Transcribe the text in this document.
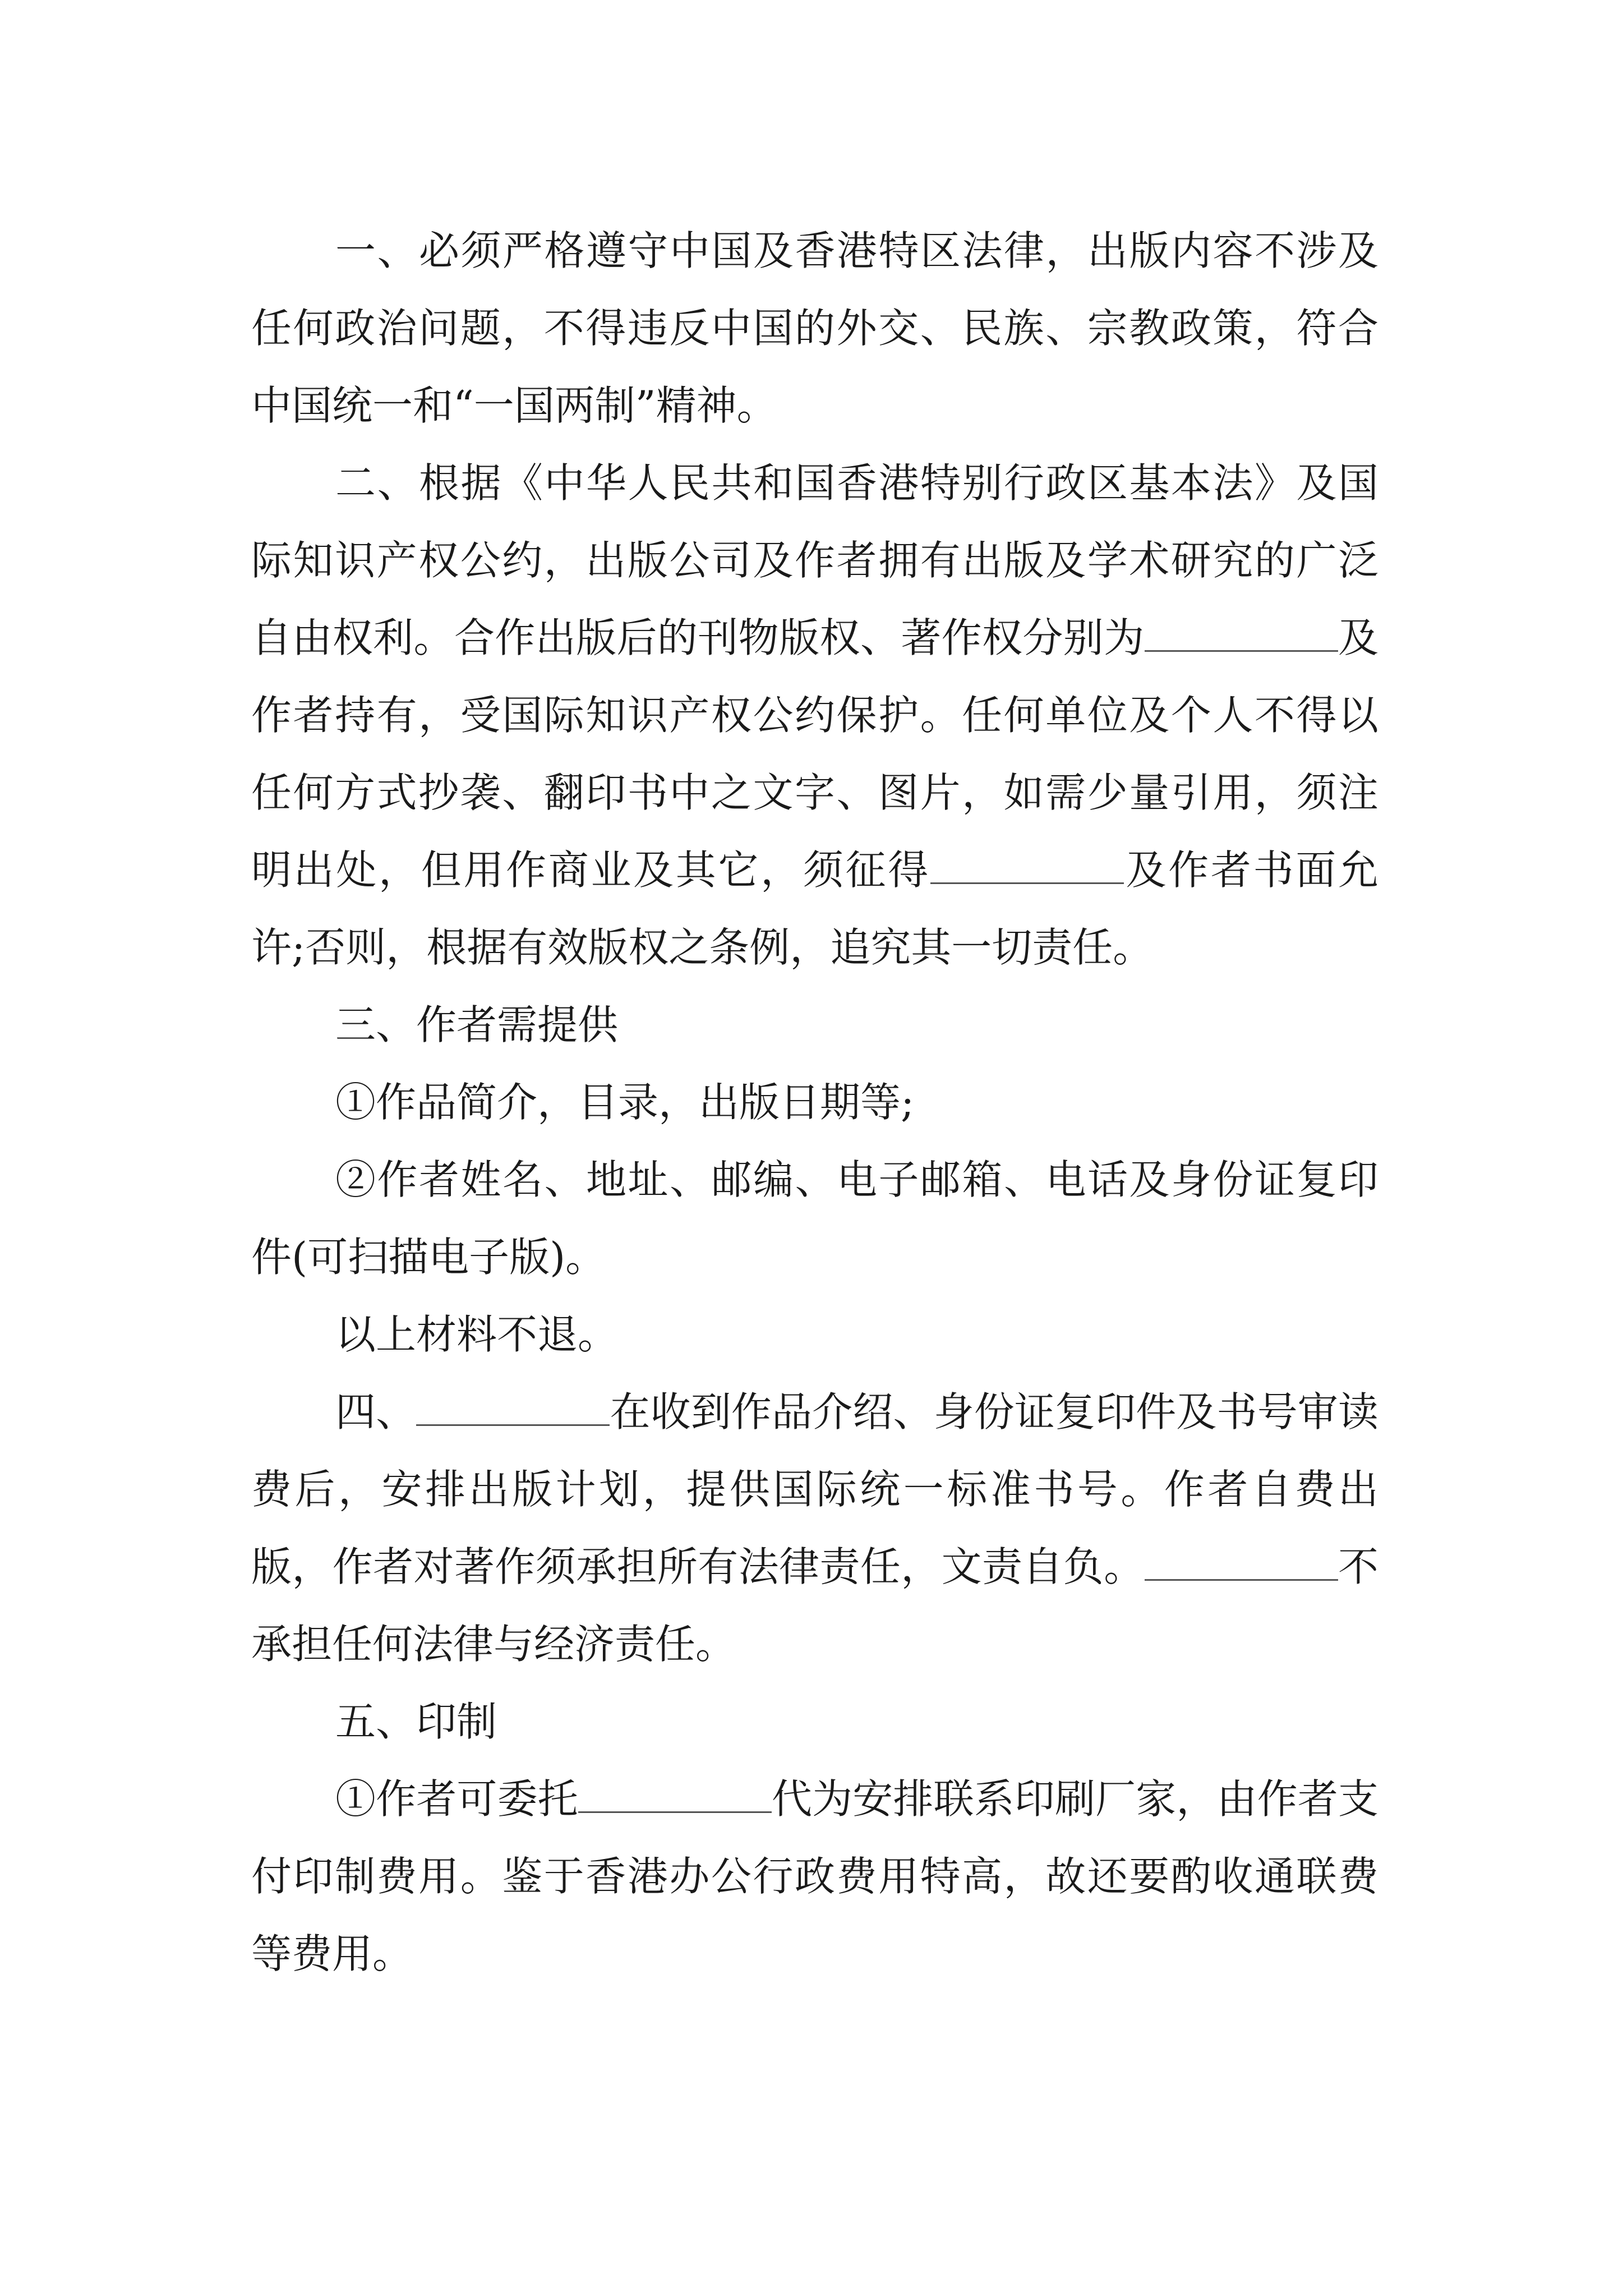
一、必须严格遵守中国及香港特区法律，出版内容不涉及任何政治问题，不得违反中国的外交、民族、宗教政策，符合中国统一和“一国两制”精神。

二、根据《中华人民共和国香港特别行政区基本法》及国际知识产权公约，出版公司及作者拥有出版及学术研究的广泛自由权利。合作出版后的刊物版权、著作权分别为	及作者持有，受国际知识产权公约保护。任何单位及个人不得以任何方式抄袭、翻印书中之文字、图片，如需少量引用，须注明出处，但用作商业及其它，须征得	及作者书面允许;否则，根据有效版权之条例，追究其一切责任。

三、作者需提供

①作品简介，目录，出版日期等;

②作者姓名、地址、邮编、电子邮箱、电话及身份证复印件(可扫描电子版)。

以上材料不退。

四、	在收到作品介绍、身份证复印件及书号审读费后，安排出版计划，提供国际统一标准书号。作者自费出版，作者对著作须承担所有法律责任，文责自负。	不承担任何法律与经济责任。

五、印制

①作者可委托	代为安排联系印刷厂家，由作者支付印制费用。鉴于香港办公行政费用特高，故还要酌收通联费等费用。
